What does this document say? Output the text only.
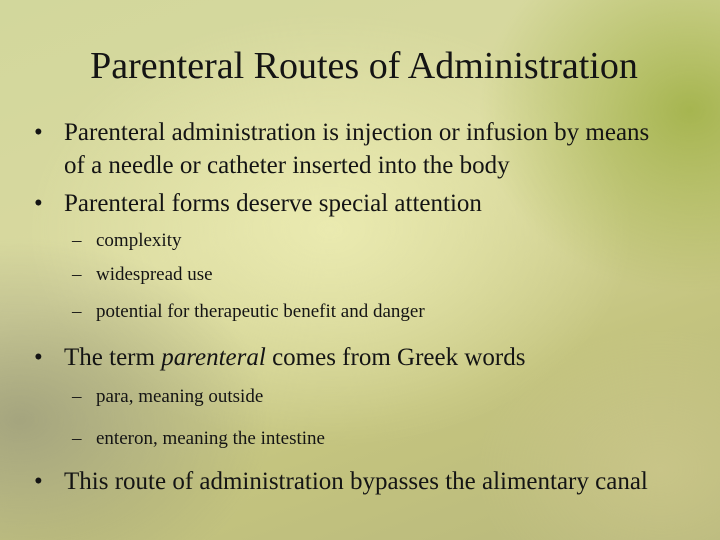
Parenteral Routes of Administration
• Parenteral administration is injection or infusion by means of a needle or catheter inserted into the body
• Parenteral forms deserve special attention
– complexity
– widespread use
– potential for therapeutic benefit and danger
• The term parenteral comes from Greek words
– para, meaning outside
– enteron, meaning the intestine
• This route of administration bypasses the alimentary canal
